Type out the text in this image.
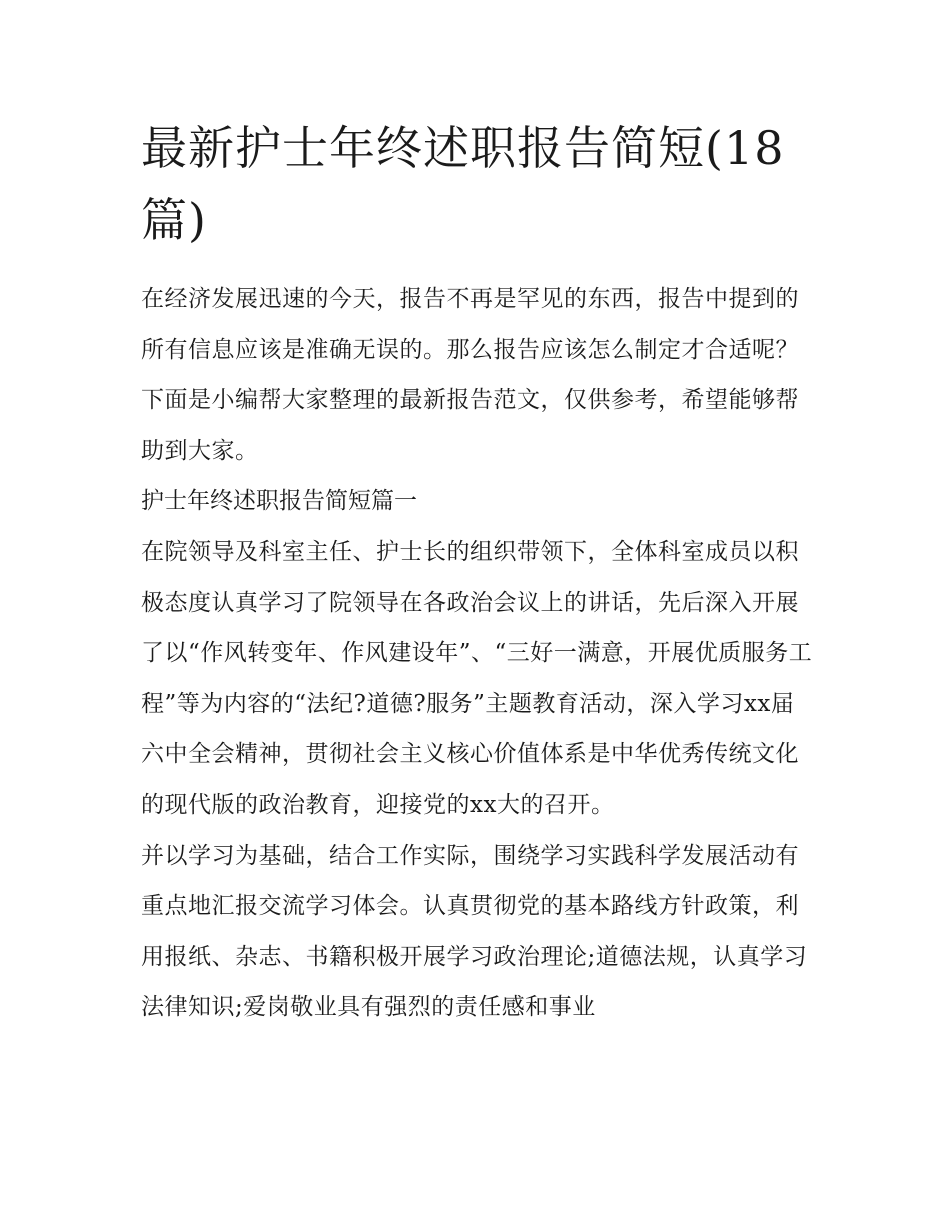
最新护士年终述职报告简短(18篇)

在经济发展迅速的今天，报告不再是罕见的东西，报告中提到的所有信息应该是准确无误的。那么报告应该怎么制定才合适呢？下面是小编帮大家整理的最新报告范文，仅供参考，希望能够帮助到大家。

护士年终述职报告简短篇一

在院领导及科室主任、护士长的组织带领下，全体科室成员以积极态度认真学习了院领导在各政治会议上的讲话，先后深入开展了以“作风转变年、作风建设年”、“三好一满意，开展优质服务工程”等为内容的“法纪?道德?服务”主题教育活动，深入学习xx届六中全会精神，贯彻社会主义核心价值体系是中华优秀传统文化的现代版的政治教育，迎接党的xx大的召开。

并以学习为基础，结合工作实际，围绕学习实践科学发展活动有重点地汇报交流学习体会。认真贯彻党的基本路线方针政策，利用报纸、杂志、书籍积极开展学习政治理论;道德法规，认真学习法律知识;爱岗敬业具有强烈的责任感和事业
